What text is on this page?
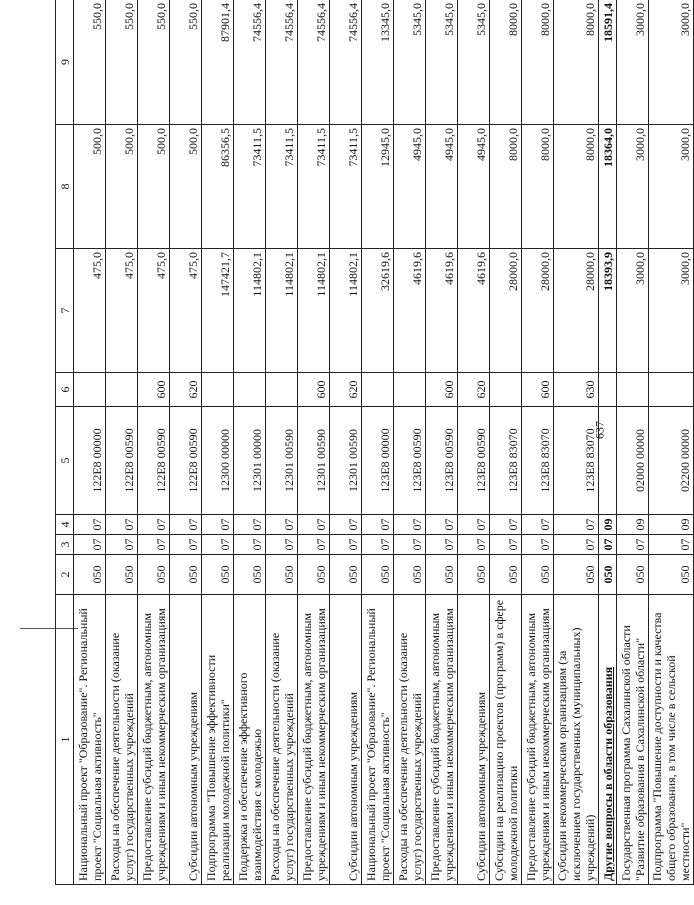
637
1	2	3	4	5	6	7	8	9
Национальный проект "Образование". Региональный проект "Социальная активность"	050	07	07	122Е8 00000		475,0	500,0	550,0
Расходы на обеспечение деятельности (оказание услуг) государственных учреждений	050	07	07	122Е8 00590		475,0	500,0	550,0
Предоставление субсидий бюджетным, автономным учреждениям и иным некоммерческим организациям	050	07	07	122Е8 00590	600	475,0	500,0	550,0
Субсидии автономным учреждениям	050	07	07	122Е8 00590	620	475,0	500,0	550,0
Подпрограмма "Повышение эффективности реализации молодежной политики"	050	07	07	12300 00000		147421,7	86356,5	87901,4
Поддержка и обеспечение эффективного взаимодействия с молодежью	050	07	07	12301 00000		114802,1	73411,5	74556,4
Расходы на обеспечение деятельности (оказание услуг) государственных учреждений	050	07	07	12301 00590		114802,1	73411,5	74556,4
Предоставление субсидий бюджетным, автономным учреждениям и иным некоммерческим организациям	050	07	07	12301 00590	600	114802,1	73411,5	74556,4
Субсидии автономным учреждениям	050	07	07	12301 00590	620	114802,1	73411,5	74556,4
Национальный проект "Образование". Региональный проект "Социальная активность"	050	07	07	123Е8 00000		32619,6	12945,0	13345,0
Расходы на обеспечение деятельности (оказание услуг) государственных учреждений	050	07	07	123Е8 00590		4619,6	4945,0	5345,0
Предоставление субсидий бюджетным, автономным учреждениям и иным некоммерческим организациям	050	07	07	123Е8 00590	600	4619,6	4945,0	5345,0
Субсидии автономным учреждениям	050	07	07	123Е8 00590	620	4619,6	4945,0	5345,0
Субсидии на реализацию проектов (программ) в сфере молодежной политики	050	07	07	123Е8 83070		28000,0	8000,0	8000,0
Предоставление субсидий бюджетным, автономным учреждениям и иным некоммерческим организациям	050	07	07	123Е8 83070	600	28000,0	8000,0	8000,0
Субсидии некоммерческим организациям (за исключением государственных (муниципальных) учреждений)	050	07	07	123Е8 83070	630	28000,0	8000,0	8000,0
Другие вопросы в области образования	050	07	09			18393,9	18364,0	18591,4
Государственная программа Сахалинской области "Развитие образования в Сахалинской области"	050	07	09	02000 00000		3000,0	3000,0	3000,0
Подпрограмма "Повышение доступности и качества общего образования, в том числе в сельской местности"	050	07	09	02200 00000		3000,0	3000,0	3000,0
